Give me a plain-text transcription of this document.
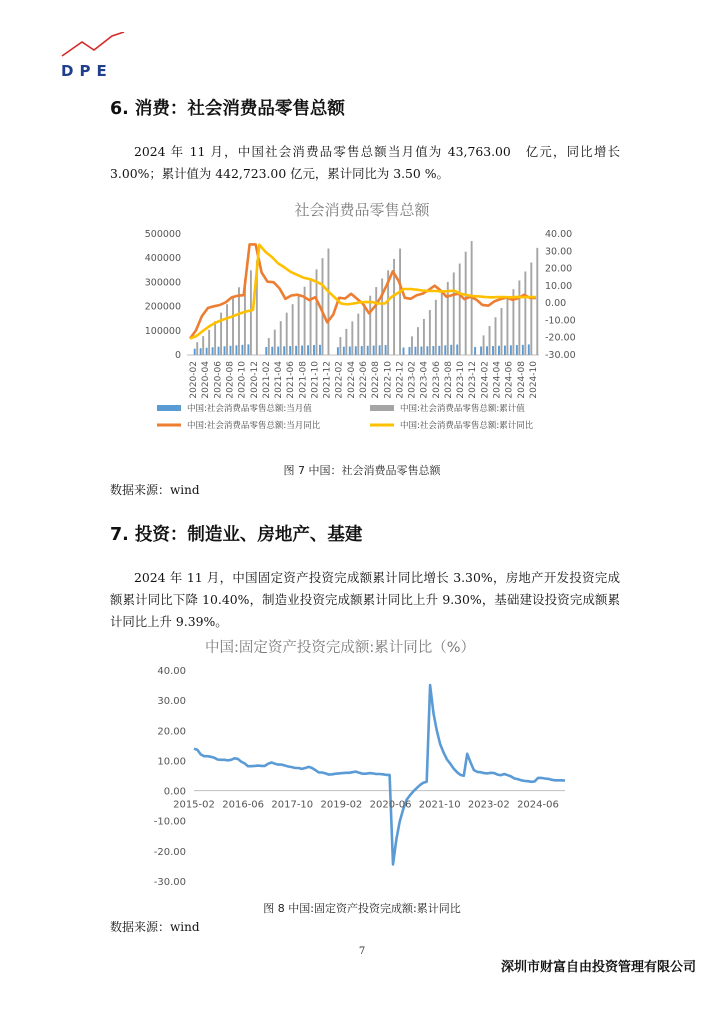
DPE
6. 消费：社会消费品零售总额
2024 年 11 月，中国社会消费品零售总额当月值为 43,763.00　亿元，同比增长 3.00%；累计值为 442,723.00 亿元，累计同比为 3.50 %。
社会消费品零售总额
0
100000
200000
300000
400000
500000	40.00
30.00
20.00
10.00
0.00
-10.00
-20.00
-30.00
2020-02 2020-04 2020-06 2020-08 2020-10 2020-12 2021-02 2021-04 2021-06 2021-08 2021-10 2021-12 2022-02 2022-04 2022-06 2022-08 2022-10 2022-12 2023-02 2023-04 2023-06 2023-08 2023-10 2023-12 2024-02 2024-04 2024-06 2024-08 2024-10
中国:社会消费品零售总额:当月值	中国:社会消费品零售总额:累计值
中国:社会消费品零售总额:当月同比	中国:社会消费品零售总额:累计同比
图 7 中国：社会消费品零售总额
数据来源：wind
7. 投资：制造业、房地产、基建
2024 年 11 月，中国固定资产投资完成额累计同比增长 3.30%，房地产开发投资完成额累计同比下降 10.40%，制造业投资完成额累计同比上升 9.30%，基础建设投资完成额累计同比上升 9.39%。
中国:固定资产投资完成额:累计同比（%）
40.00
30.00
20.00
10.00
0.00
-10.00
-20.00
-30.00
2015-02 2016-06 2017-10 2019-02 2020-06 2021-10 2023-02 2024-06
图 8 中国:固定资产投资完成额:累计同比
数据来源：wind
7
深圳市财富自由投资管理有限公司
